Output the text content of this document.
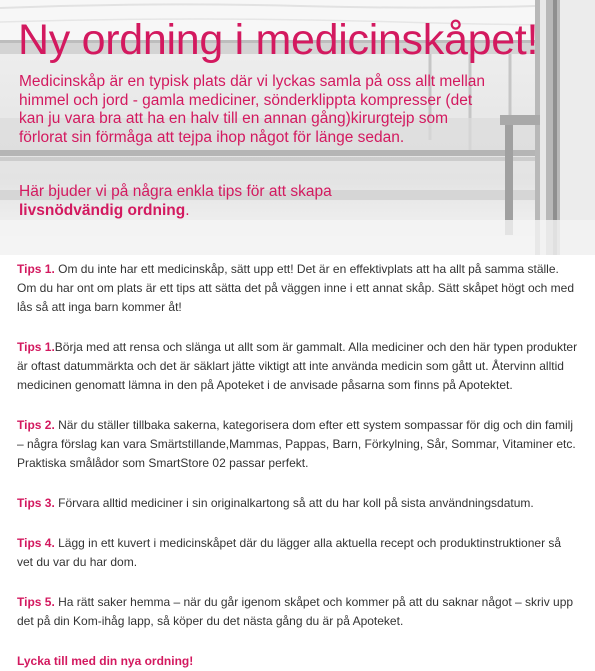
Ny ordning i medicinskåpet!

Medicinskåp är en typisk plats där vi lyckas samla på oss allt mellan himmel och jord - gamla mediciner, sönderklippta kompresser (det kan ju vara bra att ha en halv till en annan gång)kirurgtejp som förlorat sin förmåga att tejpa ihop något för länge sedan.

Här bjuder vi på några enkla tips för att skapa
livsnödvändig ordning.

Tips 1. Om du inte har ett medicinskåp, sätt upp ett! Det är en effektivplats att ha allt på samma ställe. Om du har ont om plats är ett tips att sätta det på väggen inne i ett annat skåp. Sätt skåpet högt och med lås så att inga barn kommer åt!

Tips 1.Börja med att rensa och slänga ut allt som är gammalt. Alla mediciner och den här typen produkter är oftast datummärkta och det är säklart jätte viktigt att inte använda medicin som gått ut. Återvinn alltid medicinen genomatt lämna in den på Apoteket i de anvisade påsarna som finns på Apotektet.

Tips 2. När du ställer tillbaka sakerna, kategorisera dom efter ett system sompassar för dig och din familj – några förslag kan vara Smärtstillande,Mammas, Pappas, Barn, Förkylning, Sår, Sommar, Vitaminer etc. Praktiska smålådor som SmartStore 02 passar perfekt.

Tips 3. Förvara alltid mediciner i sin originalkartong så att du har koll på sista användningsdatum.

Tips 4. Lägg in ett kuvert i medicinskåpet där du lägger alla aktuella recept och produktinstruktioner så vet du var du har dom.

Tips 5. Ha rätt saker hemma – när du går igenom skåpet och kommer på att du saknar något – skriv upp det på din Kom-ihåg lapp, så köper du det nästa gång du är på Apoteket.

Lycka till med din nya ordning!
